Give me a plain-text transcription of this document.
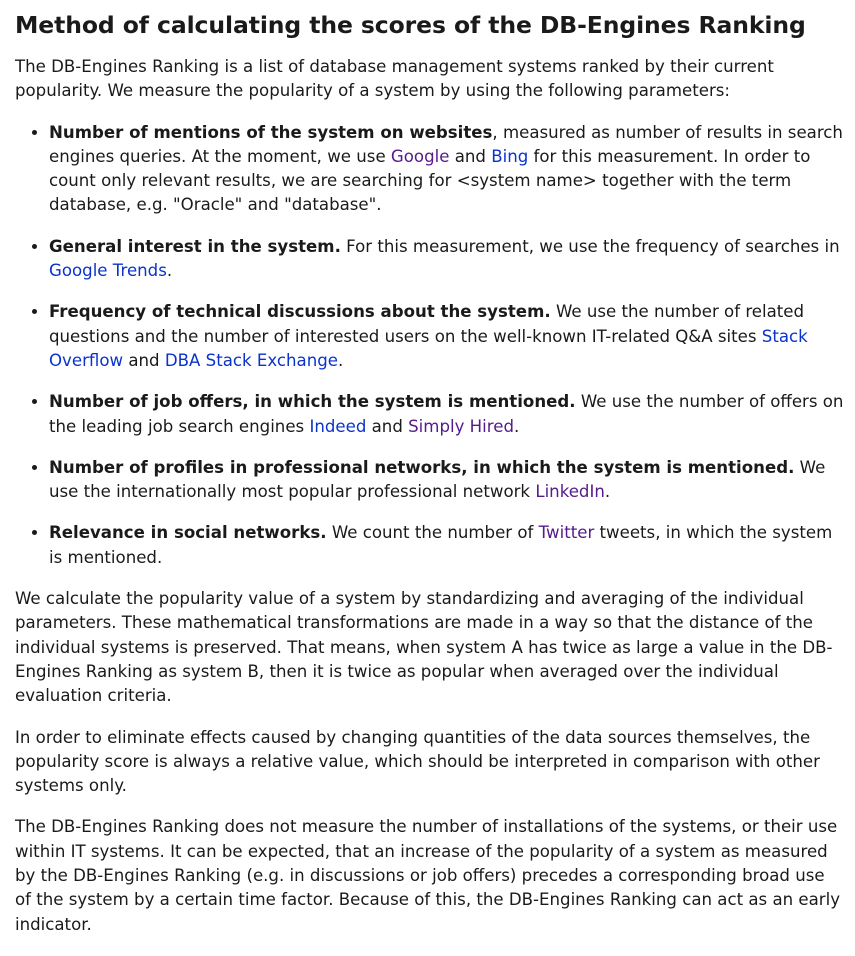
Method of calculating the scores of the DB-Engines Ranking

The DB-Engines Ranking is a list of database management systems ranked by their current popularity. We measure the popularity of a system by using the following parameters:

• Number of mentions of the system on websites, measured as number of results in search engines queries. At the moment, we use Google and Bing for this measurement. In order to count only relevant results, we are searching for <system name> together with the term database, e.g. "Oracle" and "database".
• General interest in the system. For this measurement, we use the frequency of searches in Google Trends.
• Frequency of technical discussions about the system. We use the number of related questions and the number of interested users on the well-known IT-related Q&A sites Stack Overflow and DBA Stack Exchange.
• Number of job offers, in which the system is mentioned. We use the number of offers on the leading job search engines Indeed and Simply Hired.
• Number of profiles in professional networks, in which the system is mentioned. We use the internationally most popular professional network LinkedIn.
• Relevance in social networks. We count the number of Twitter tweets, in which the system is mentioned.

We calculate the popularity value of a system by standardizing and averaging of the individual parameters. These mathematical transformations are made in a way so that the distance of the individual systems is preserved. That means, when system A has twice as large a value in the DB-Engines Ranking as system B, then it is twice as popular when averaged over the individual evaluation criteria.

In order to eliminate effects caused by changing quantities of the data sources themselves, the popularity score is always a relative value, which should be interpreted in comparison with other systems only.

The DB-Engines Ranking does not measure the number of installations of the systems, or their use within IT systems. It can be expected, that an increase of the popularity of a system as measured by the DB-Engines Ranking (e.g. in discussions or job offers) precedes a corresponding broad use of the system by a certain time factor. Because of this, the DB-Engines Ranking can act as an early indicator.
